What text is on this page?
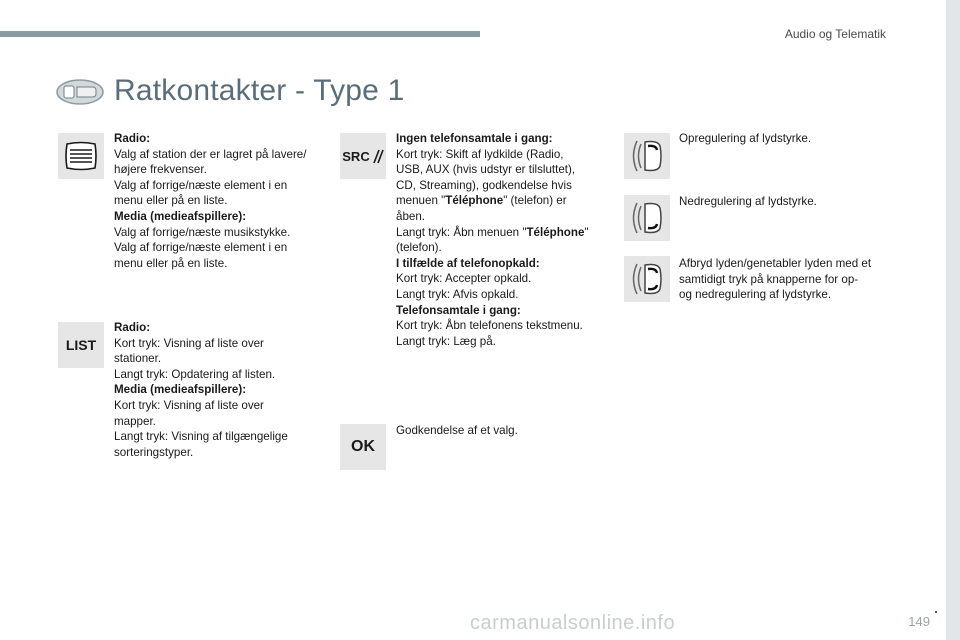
Audio og Telematik
Ratkontakter - Type 1
LIST
SRC
OK
Radio:
Valg af station der er lagret på lavere/
højere frekvenser.
Valg af forrige/næste element i en
menu eller på en liste.
Media (medieafspillere):
Valg af forrige/næste musikstykke.
Valg af forrige/næste element i en
menu eller på en liste.
Radio:
Kort tryk: Visning af liste over
stationer.
Langt tryk: Opdatering af listen.
Media (medieafspillere):
Kort tryk: Visning af liste over
mapper.
Langt tryk: Visning af tilgængelige
sorteringstyper.
Ingen telefonsamtale i gang:
Kort tryk: Skift af lydkilde (Radio,
USB, AUX (hvis udstyr er tilsluttet),
CD, Streaming), godkendelse hvis
menuen "Téléphone" (telefon) er
åben.
Langt tryk: Åbn menuen "Téléphone"
(telefon).
I tilfælde af telefonopkald:
Kort tryk: Accepter opkald.
Langt tryk: Afvis opkald.
Telefonsamtale i gang:
Kort tryk: Åbn telefonens tekstmenu.
Langt tryk: Læg på.
Godkendelse af et valg.
Opregulering af lydstyrke.
Nedregulering af lydstyrke.
Afbryd lyden/genetabler lyden med et
samtidigt tryk på knapperne for op-
og nedregulering af lydstyrke.
.
149
carmanualsonline.info
